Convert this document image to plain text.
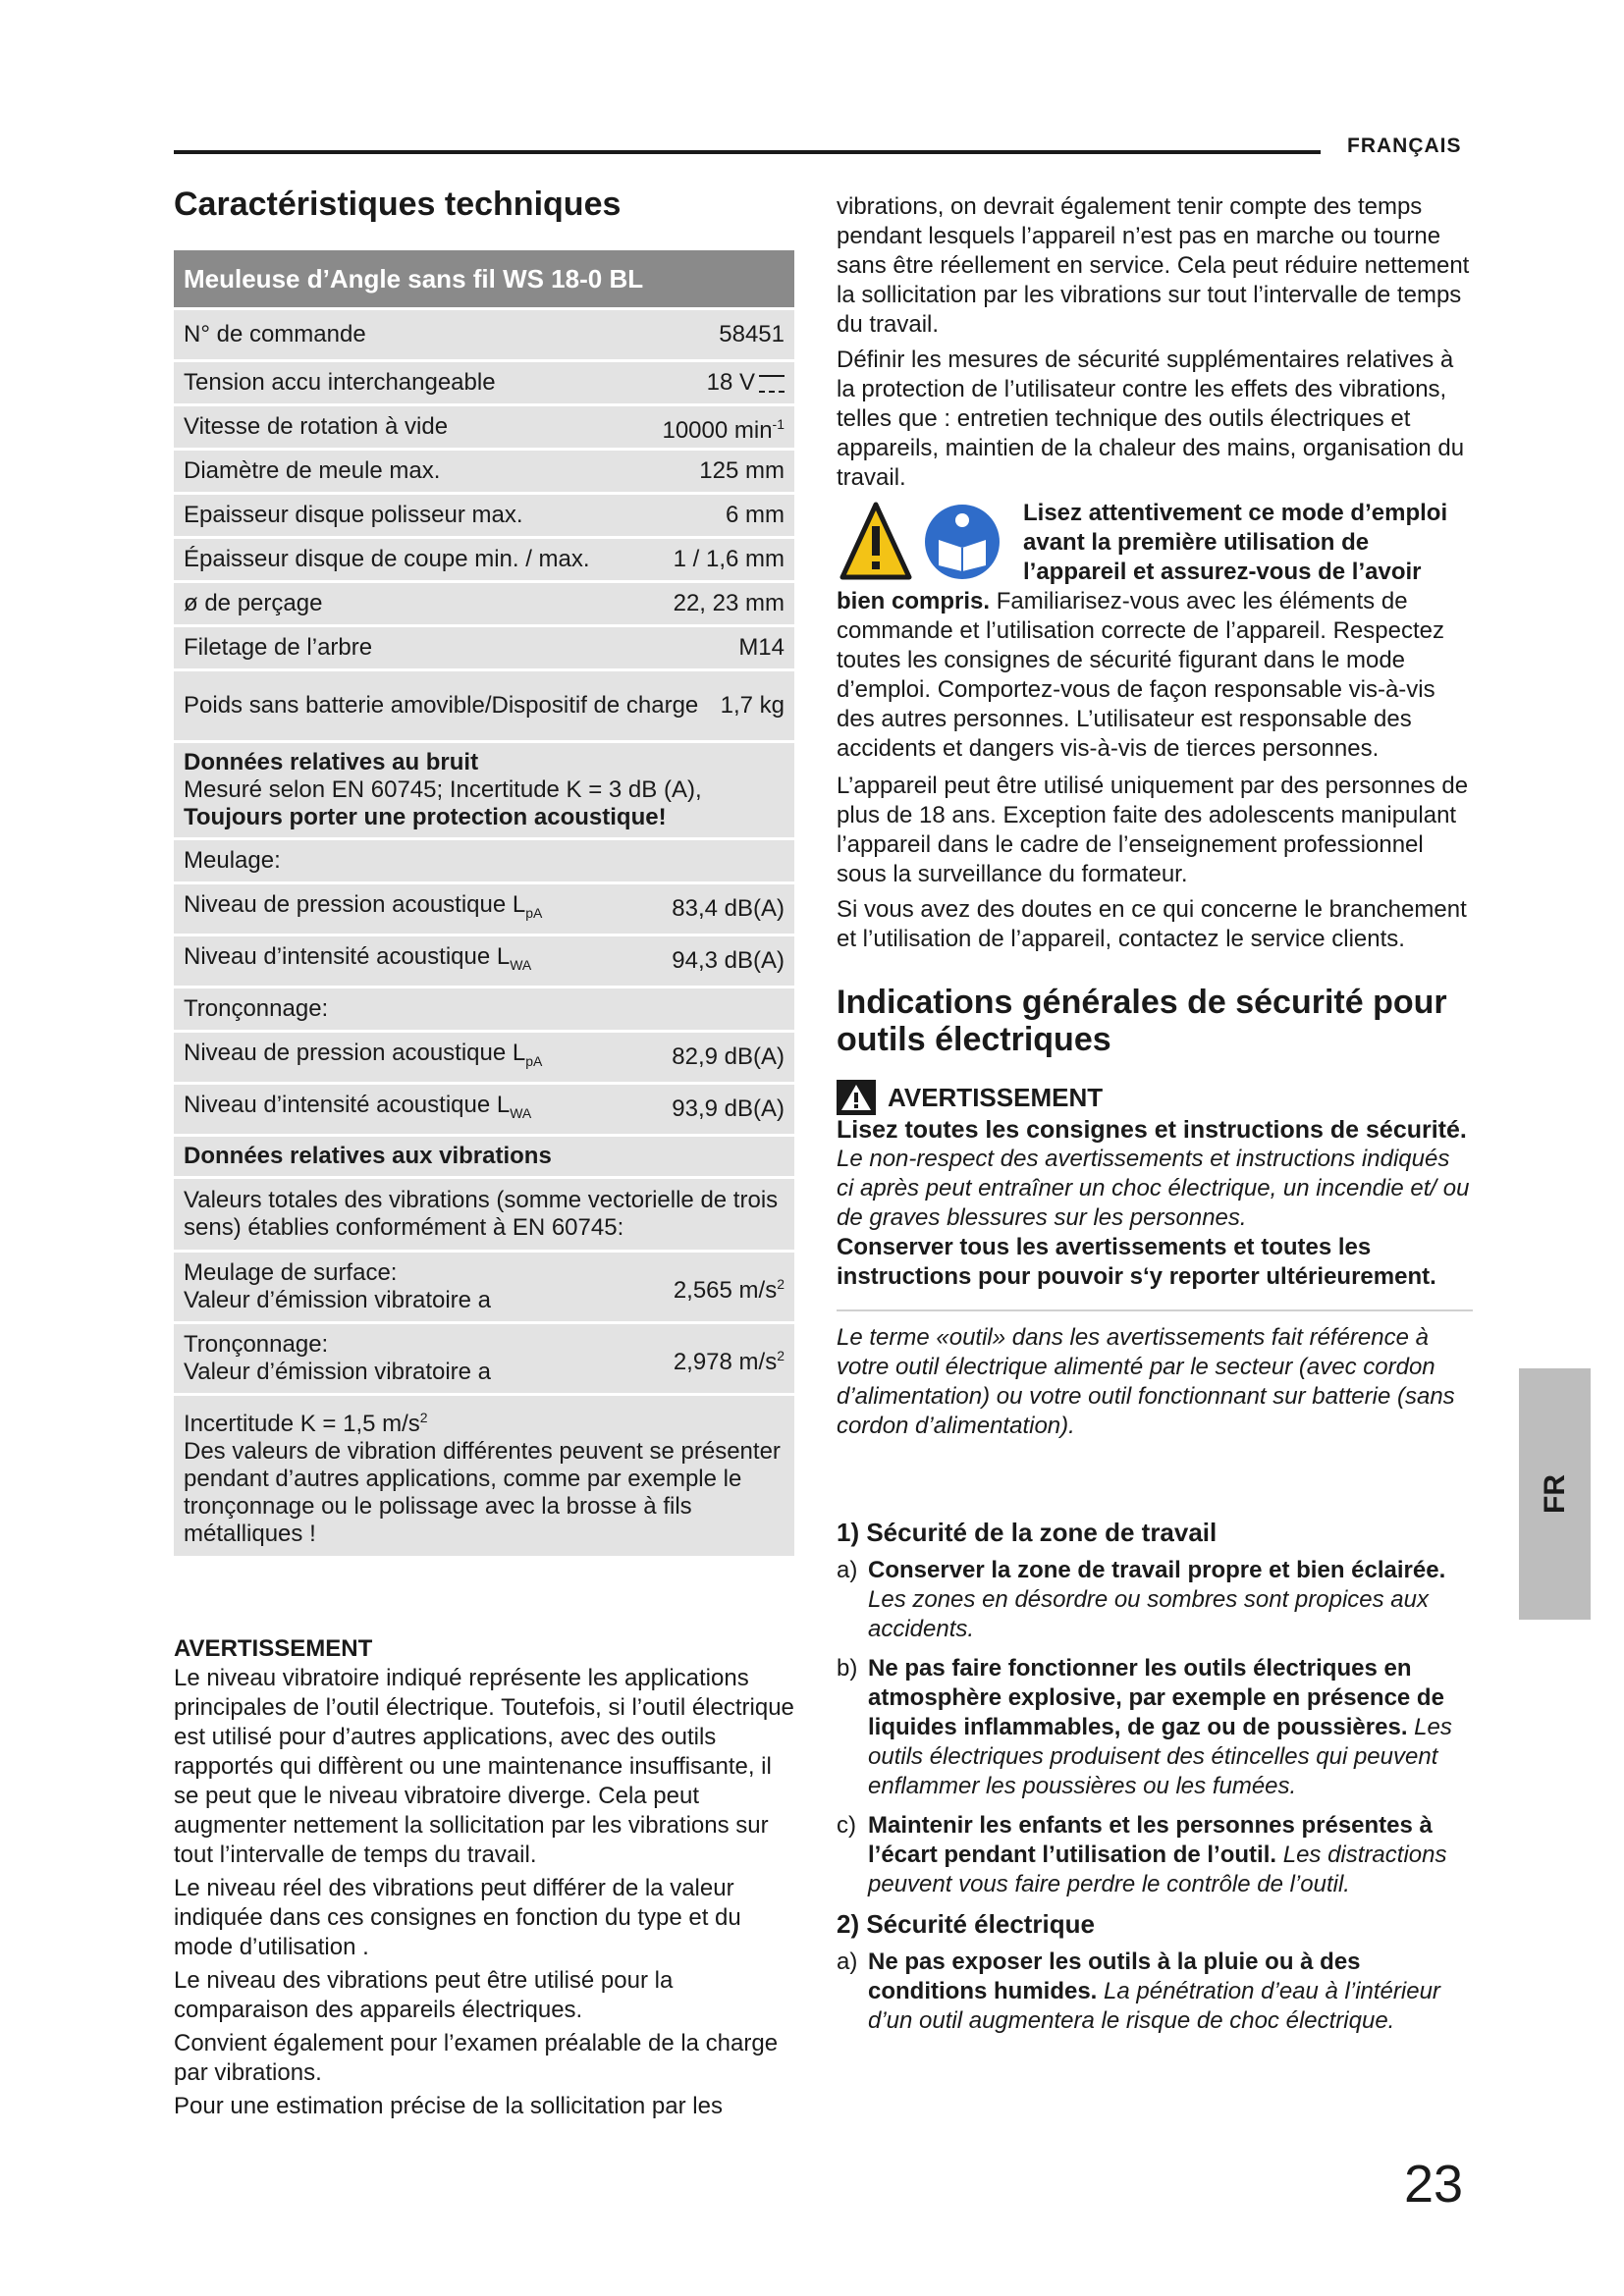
FRANÇAIS
Caractéristiques techniques
Meuleuse d’Angle sans fil WS 18-0 BL
N° de commande	58451
Tension accu interchangeable	18 V
Vitesse de rotation à vide	10000 $\min^{-1}$
Diamètre de meule max.	125 mm
Epaisseur disque polisseur max.	6 mm
Épaisseur disque de coupe min. / max.	1 / 1,6 mm
ø de perçage	22, 23 mm
Filetage de l’arbre	M14
Poids sans batterie amovible/Dispositif de charge 1,7 kg
Données relatives au bruit
Mesuré selon EN 60745; Incertitude K = 3 dB (A),
Toujours porter une protection acoustique!
Meulage:
Niveau de pression acoustique $L_{pA}$	83,4 dB(A)
Niveau d’intensité acoustique $L_{WA}$	94,3 dB(A)
Tronçonnage:
Niveau de pression acoustique $L_{pA}$	82,9 dB(A)
Niveau d’intensité acoustique $L_{WA}$	93,9 dB(A)
Données relatives aux vibrations
Valeurs totales des vibrations (somme vectorielle de trois sens) établies conformément à EN 60745:
Meulage de surface:
Valeur d’émission vibratoire a	2,565 $m/s^2$
Tronçonnage:
Valeur d’émission vibratoire a	2,978 $m/s^2$
Incertitude K = 1,5 $m/s^2$
Des valeurs de vibration différentes peuvent se présenter pendant d’autres applications, comme par exemple le tronçonnage ou le polissage avec la brosse à fils métalliques !
AVERTISSEMENT

Le niveau vibratoire indiqué représente les applications principales de l’outil électrique. Toutefois, si l’outil électrique est utilisé pour d’autres applications, avec des outils rapportés qui diffèrent ou une maintenance insuffisante, il se peut que le niveau vibratoire diverge. Cela peut augmenter nettement la sollicitation par les vibrations sur tout l’intervalle de temps du travail.

Le niveau réel des vibrations peut différer de la valeur indiquée dans ces consignes en fonction du type et du mode d’utilisation .

Le niveau des vibrations peut être utilisé pour la comparaison des appareils électriques.

Convient également pour l’examen préalable de la charge par vibrations.

Pour une estimation précise de la sollicitation par les

vibrations, on devrait également tenir compte des temps pendant lesquels l’appareil n’est pas en marche ou tourne sans être réellement en service. Cela peut réduire nettement la sollicitation par les vibrations sur tout l’intervalle de temps du travail.

Définir les mesures de sécurité supplémentaires relatives à la protection de l’utilisateur contre les effets des vibrations, telles que : entretien technique des outils électriques et appareils, maintien de la chaleur des mains, organisation du travail.

Lisez attentivement ce mode d’emploi avant la première utilisation de l’appareil et assurez-vous de l’avoir bien compris. Familiarisez-vous avec les éléments de commande et l’utilisation correcte de l’appareil. Respectez toutes les consignes de sécurité figurant dans le mode d’emploi. Comportez-vous de façon responsable vis-à-vis des autres personnes. L’utilisateur est responsable des accidents et dangers vis-à-vis de tierces personnes.

L’appareil peut être utilisé uniquement par des personnes de plus de 18 ans. Exception faite des adolescents manipulant l’appareil dans le cadre de l’enseignement professionnel sous la surveillance du formateur.

Si vous avez des doutes en ce qui concerne le branchement et l’utilisation de l’appareil, contactez le service clients.

Indications générales de sécurité pour outils électriques
AVERTISSEMENT
Lisez toutes les consignes et instructions de sécurité.

Le non-respect des avertissements et instructions indiqués ci après peut entraîner un choc électrique, un incendie et/ ou de graves blessures sur les personnes.

Conserver tous les avertissements et toutes les instructions pour pouvoir s‘y reporter ultérieurement.

Le terme «outil» dans les avertissements fait référence à votre outil électrique alimenté par le secteur (avec cordon d’alimentation) ou votre outil fonctionnant sur batterie (sans cordon d’alimentation).

1) Sécurité de la zone de travail
a) Conserver la zone de travail propre et bien éclairée. Les zones en désordre ou sombres sont propices aux accidents.
b) Ne pas faire fonctionner les outils électriques en atmosphère explosive, par exemple en présence de liquides inflammables, de gaz ou de poussières. Les outils électriques produisent des étincelles qui peuvent enflammer les poussières ou les fumées.
c) Maintenir les enfants et les personnes présentes à l’écart pendant l’utilisation de l’outil. Les distractions peuvent vous faire perdre le contrôle de l’outil.
2) Sécurité électrique
a) Ne pas exposer les outils à la pluie ou à des conditions humides. La pénétration d’eau à l’intérieur d’un outil augmentera le risque de choc électrique.
FR
23
